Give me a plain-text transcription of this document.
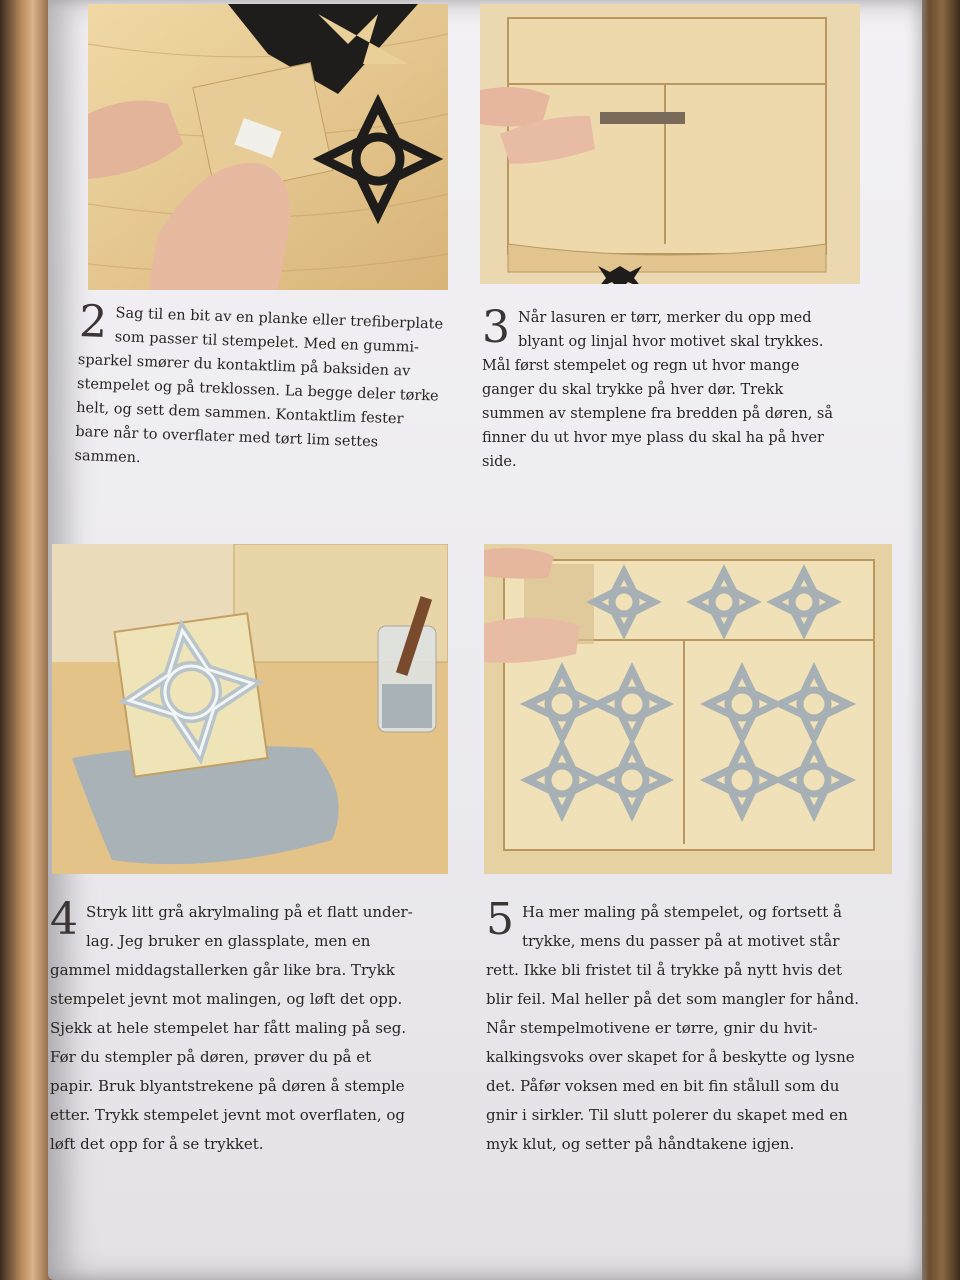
2 Sag til en bit av en planke eller trefiberplate
som passer til stempelet. Med en gummi-
sparkel smører du kontaktlim på baksiden av
stempelet og på treklossen. La begge deler tørke
helt, og sett dem sammen. Kontaktlim fester
bare når to overflater med tørt lim settes
sammen.
3 Når lasuren er tørr, merker du opp med
blyant og linjal hvor motivet skal trykkes.
Mål først stempelet og regn ut hvor mange
ganger du skal trykke på hver dør. Trekk
summen av stemplene fra bredden på døren, så
finner du ut hvor mye plass du skal ha på hver
side.
4 Stryk litt grå akrylmaling på et flatt under-
lag. Jeg bruker en glassplate, men en
gammel middagstallerken går like bra. Trykk
stempelet jevnt mot malingen, og løft det opp.
Sjekk at hele stempelet har fått maling på seg.
Før du stempler på døren, prøver du på et
papir. Bruk blyantstrekene på døren å stemple
etter. Trykk stempelet jevnt mot overflaten, og
løft det opp for å se trykket.
5 Ha mer maling på stempelet, og fortsett å
trykke, mens du passer på at motivet står
rett. Ikke bli fristet til å trykke på nytt hvis det
blir feil. Mal heller på det som mangler for hånd.
Når stempelmotivene er tørre, gnir du hvit-
kalkingsvoks over skapet for å beskytte og lysne
det. Påfør voksen med en bit fin stålull som du
gnir i sirkler. Til slutt polerer du skapet med en
myk klut, og setter på håndtakene igjen.
